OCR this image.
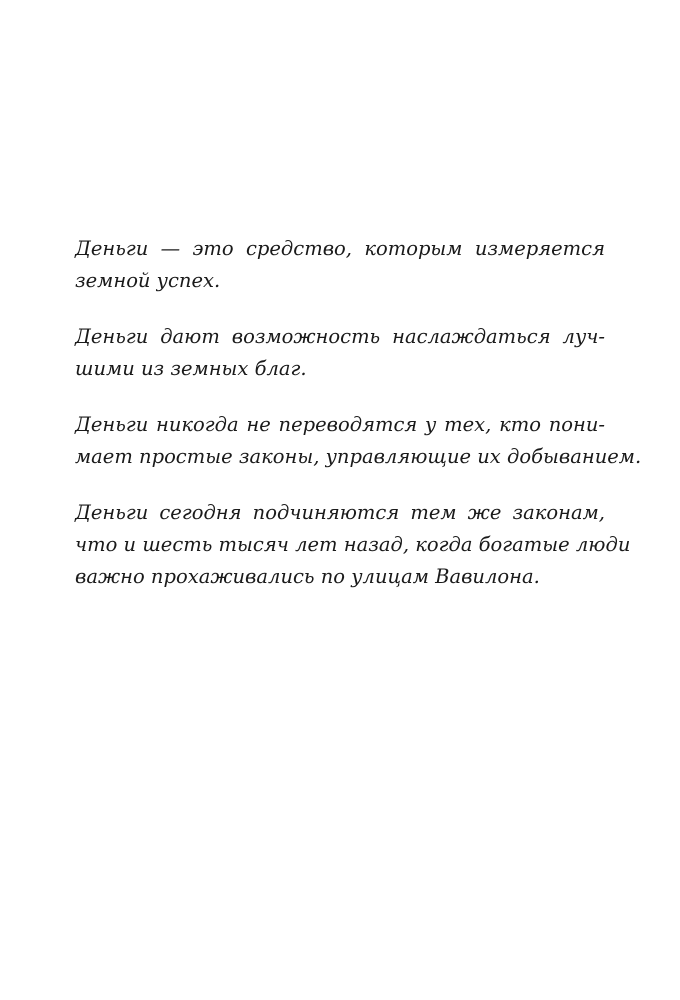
Деньги — это средство, которым измеряется
земной успех.

Деньги дают возможность наслаждаться луч-
шими из земных благ.

Деньги никогда не переводятся у тех, кто пони-
мает простые законы, управляющие их добыванием.

Деньги сегодня подчиняются тем же законам,
что и шесть тысяч лет назад, когда богатые люди
важно прохаживались по улицам Вавилона.
